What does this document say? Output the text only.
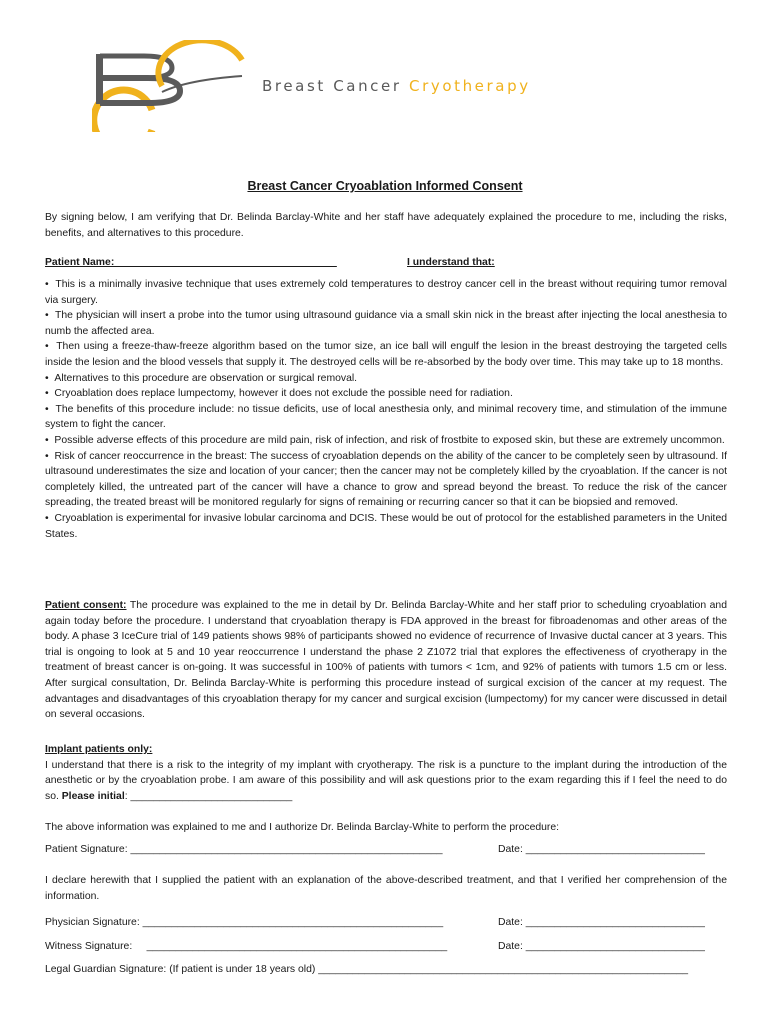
Breast Cancer Cryotherapy
Breast Cancer Cryoablation Informed Consent
By signing below, I am verifying that Dr. Belinda Barclay-White and her staff have adequately explained the procedure to me, including the risks, benefits, and alternatives to this procedure.
Patient Name: ______________________________________	I understand that:
•  This is a minimally invasive technique that uses extremely cold temperatures to destroy cancer cell in the breast without requiring tumor removal via surgery.
•  The physician will insert a probe into the tumor using ultrasound guidance via a small skin nick in the breast after injecting the local anesthesia to numb the affected area.
•  Then using a freeze-thaw-freeze algorithm based on the tumor size, an ice ball will engulf the lesion in the breast destroying the targeted cells inside the lesion and the blood vessels that supply it. The destroyed cells will be re-absorbed by the body over time. This may take up to 18 months.
•  Alternatives to this procedure are observation or surgical removal.
•  Cryoablation does replace lumpectomy, however it does not exclude the possible need for radiation.
•  The benefits of this procedure include: no tissue deficits, use of local anesthesia only, and minimal recovery time, and stimulation of the immune system to fight the cancer.
•  Possible adverse effects of this procedure are mild pain, risk of infection, and risk of frostbite to exposed skin, but these are extremely uncommon.
•  Risk of cancer reoccurrence in the breast: The success of cryoablation depends on the ability of the cancer to be completely seen by ultrasound. If ultrasound underestimates the size and location of your cancer; then the cancer may not be completely killed by the cryoablation. If the cancer is not completely killed, the untreated part of the cancer will have a chance to grow and spread beyond the breast. To reduce the risk of the cancer spreading, the treated breast will be monitored regularly for signs of remaining or recurring cancer so that it can be biopsied and removed.
•  Cryoablation is experimental for invasive lobular carcinoma and DCIS. These would be out of protocol for the established parameters in the United States.
Patient consent: The procedure was explained to the me in detail by Dr. Belinda Barclay-White and her staff prior to scheduling cryoablation and again today before the procedure. I understand that cryoablation therapy is FDA approved in the breast for fibroadenomas and other areas of the body. A phase 3 IceCure trial of 149 patients shows 98% of participants showed no evidence of recurrence of Invasive ductal cancer at 3 years. This trial is ongoing to look at 5 and 10 year reoccurrence I understand the phase 2 Z1072 trial that explores the effectiveness of cryotherapy in the treatment of breast cancer is on-going. It was successful in 100% of patients with tumors < 1cm, and 92% of patients with tumors 1.5 cm or less. After surgical consultation, Dr. Belinda Barclay-White is performing this procedure instead of surgical excision of the cancer at my request. The advantages and disadvantages of this cryoablation therapy for my cancer and surgical excision (lumpectomy) for my cancer were discussed in detail on several occasions.
Implant patients only:
I understand that there is a risk to the integrity of my implant with cryotherapy. The risk is a puncture to the implant during the introduction of the anesthetic or by the cryoablation probe. I am aware of this possibility and will ask questions prior to the exam regarding this if I feel the need to do so. Please initial: ____________________________
The above information was explained to me and I authorize Dr. Belinda Barclay-White to perform the procedure:
Patient Signature: ______________________________________________________	Date: _______________________________
I declare herewith that I supplied the patient with an explanation of the above-described treatment, and that I verified her comprehension of the information.
Physician Signature: ____________________________________________________	Date: _______________________________
Witness Signature:     ____________________________________________________	Date: _______________________________
Legal Guardian Signature: (If patient is under 18 years old) ________________________________________________________________
